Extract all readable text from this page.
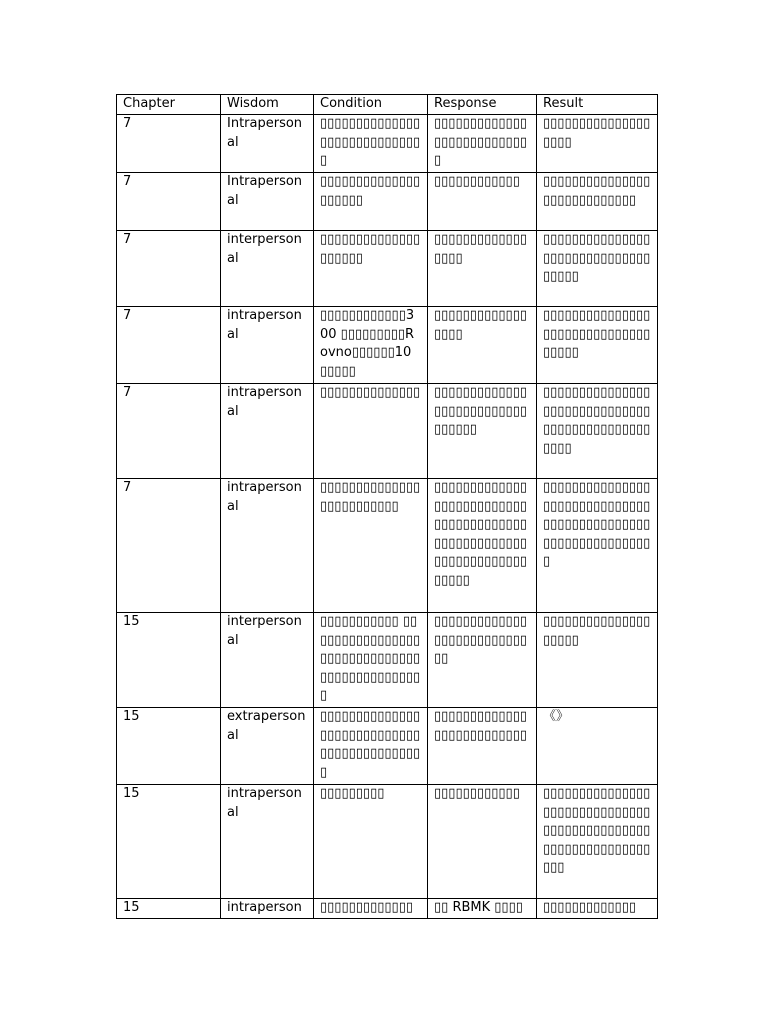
Chapter	Wisdom	Condition	Response	Result
7	Intrapersonal	▯▯▯▯▯▯▯▯▯▯▯▯▯▯▯▯▯▯▯▯▯▯▯▯▯▯▯▯▯	▯▯▯▯▯▯▯▯▯▯▯▯▯▯▯▯▯▯▯▯▯▯▯▯▯▯▯	▯▯▯▯▯▯▯▯▯▯▯▯▯▯▯▯▯▯▯
7	Intrapersonal	▯▯▯▯▯▯▯▯▯▯▯▯▯▯▯▯▯▯▯▯	▯▯▯▯▯▯▯▯▯▯▯▯	▯▯▯▯▯▯▯▯▯▯▯▯▯▯▯▯▯▯▯▯▯▯▯▯▯▯▯▯
7	interpersonal	▯▯▯▯▯▯▯▯▯▯▯▯▯▯▯▯▯▯▯▯	▯▯▯▯▯▯▯▯▯▯▯▯▯▯▯▯▯	▯▯▯▯▯▯▯▯▯▯▯▯▯▯▯▯▯▯▯▯▯▯▯▯▯▯▯▯▯▯▯▯▯▯▯
7	intrapersonal	▯▯▯▯▯▯▯▯▯▯▯▯300 ▯▯▯▯▯▯▯▯▯Rovno▯▯▯▯▯▯10 ▯▯▯▯▯	▯▯▯▯▯▯▯▯▯▯▯▯▯▯▯▯▯	▯▯▯▯▯▯▯▯▯▯▯▯▯▯▯▯▯▯▯▯▯▯▯▯▯▯▯▯▯▯▯▯▯▯▯
7	intrapersonal	▯▯▯▯▯▯▯▯▯▯▯▯▯▯	▯▯▯▯▯▯▯▯▯▯▯▯▯▯▯▯▯▯▯▯▯▯▯▯▯▯▯▯▯▯▯▯	▯▯▯▯▯▯▯▯▯▯▯▯▯▯▯▯▯▯▯▯▯▯▯▯▯▯▯▯▯▯▯▯▯▯▯▯▯▯▯▯▯▯▯▯▯▯▯▯▯
7	intrapersonal	▯▯▯▯▯▯▯▯▯▯▯▯▯▯▯▯▯▯▯▯▯▯▯▯▯	▯▯▯▯▯▯▯▯▯▯▯▯▯▯▯▯▯▯▯▯▯▯▯▯▯▯▯▯▯▯▯▯▯▯▯▯▯▯▯▯▯▯▯▯▯▯▯▯▯▯▯▯▯▯▯▯▯▯▯▯▯▯▯▯▯▯▯▯▯▯	▯▯▯▯▯▯▯▯▯▯▯▯▯▯▯▯▯▯▯▯▯▯▯▯▯▯▯▯▯▯▯▯▯▯▯▯▯▯▯▯▯▯▯▯▯▯▯▯▯▯▯▯▯▯▯▯▯▯▯▯▯
15	interpersonal	▯▯▯▯▯▯▯▯▯▯▯ ▯▯▯▯▯▯▯▯▯▯▯▯▯▯▯▯▯▯▯▯▯▯▯▯▯▯▯▯▯▯▯▯▯▯▯▯▯▯▯▯▯▯▯▯▯	▯▯▯▯▯▯▯▯▯▯▯▯▯▯▯▯▯▯▯▯▯▯▯▯▯▯▯▯	▯▯▯▯▯▯▯▯▯▯▯▯▯▯▯▯▯▯▯▯
15	extrapersonal	▯▯▯▯▯▯▯▯▯▯▯▯▯▯▯▯▯▯▯▯▯▯▯▯▯▯▯▯▯▯▯▯▯▯▯▯▯▯▯▯▯▯▯	▯▯▯▯▯▯▯▯▯▯▯▯▯▯▯▯▯▯▯▯▯▯▯▯▯▯	《》
15	intrapersonal	▯▯▯▯▯▯▯▯▯	▯▯▯▯▯▯▯▯▯▯▯▯	▯▯▯▯▯▯▯▯▯▯▯▯▯▯▯▯▯▯▯▯▯▯▯▯▯▯▯▯▯▯▯▯▯▯▯▯▯▯▯▯▯▯▯▯▯▯▯▯▯▯▯▯▯▯▯▯▯▯▯▯▯▯▯
15	intraperson	▯▯▯▯▯▯▯▯▯▯▯▯▯	▯▯ RBMK ▯▯▯▯	▯▯▯▯▯▯▯▯▯▯▯▯▯
